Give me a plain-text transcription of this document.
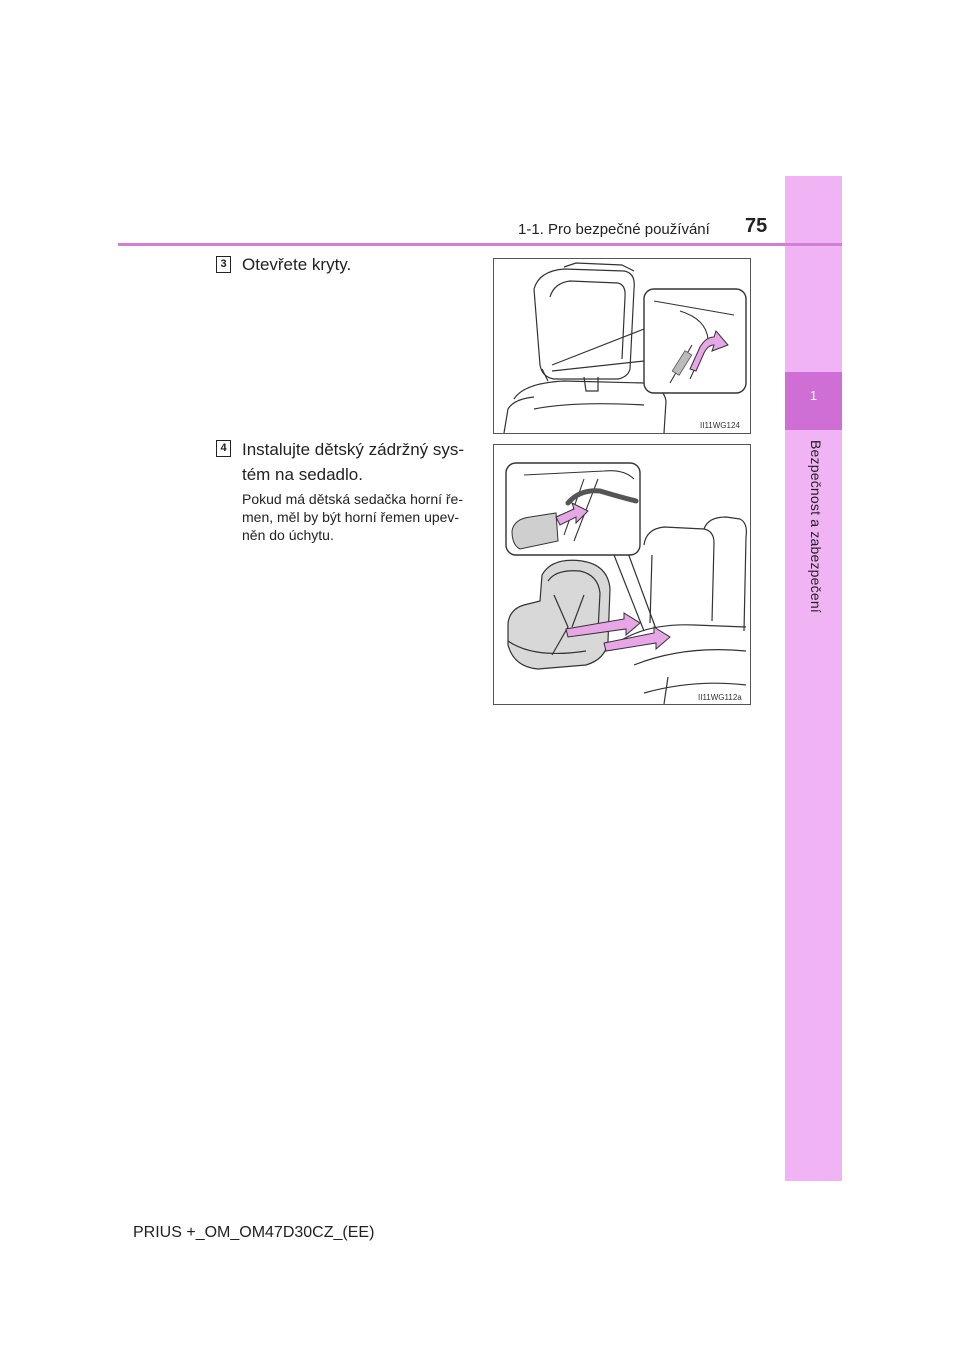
1
Bezpečnost a zabezpečení
1-1. Pro bezpečné používání 75
3 Otevřete kryty.
II11WG124
4 Instalujte dětský zádržný sys-
tém na sedadlo.
Pokud má dětská sedačka horní ře-
men, měl by být horní řemen upev-
něn do úchytu.
II11WG112a
PRIUS +_OM_OM47D30CZ_(EE)
